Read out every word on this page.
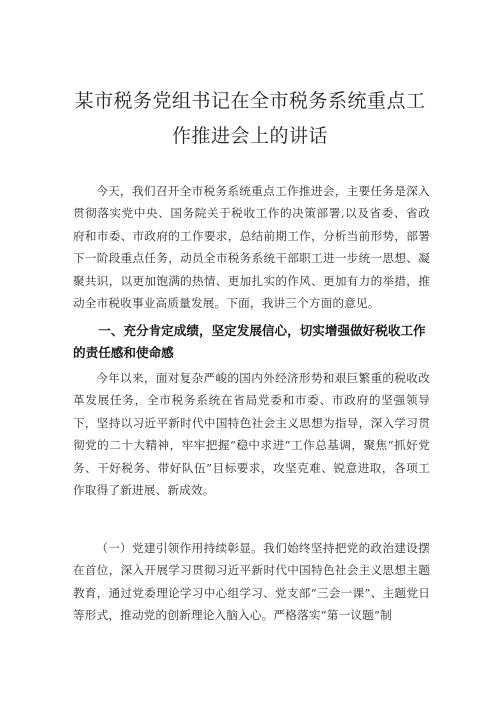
某市税务党组书记在全市税务系统重点工
作推进会上的讲话

今天，我们召开全市税务系统重点工作推进会，主要任务是深入贯彻落实党中央、国务院关于税收工作的决策部署,以及省委、省政府和市委、市政府的工作要求，总结前期工作，分析当前形势，部署下一阶段重点任务，动员全市税务系统干部职工进一步统一思想、凝聚共识，以更加饱满的热情、更加扎实的作风、更加有力的举措，推动全市税收事业高质量发展。下面，我讲三个方面的意见。

一、充分肯定成绩，坚定发展信心，切实增强做好税收工作的责任感和使命感

今年以来，面对复杂严峻的国内外经济形势和艰巨繁重的税收改革发展任务，全市税务系统在省局党委和市委、市政府的坚强领导下，坚持以习近平新时代中国特色社会主义思想为指导，深入学习贯彻党的二十大精神，牢牢把握“稳中求进”工作总基调，聚焦“抓好党务、干好税务、带好队伍”目标要求，攻坚克难、锐意进取，各项工作取得了新进展、新成效。

（一）党建引领作用持续彰显。我们始终坚持把党的政治建设摆在首位，深入开展学习贯彻习近平新时代中国特色社会主义思想主题教育，通过党委理论学习中心组学习、党支部“三会一课”、主题党日等形式，推动党的创新理论入脑入心。严格落实“第一议题”制
